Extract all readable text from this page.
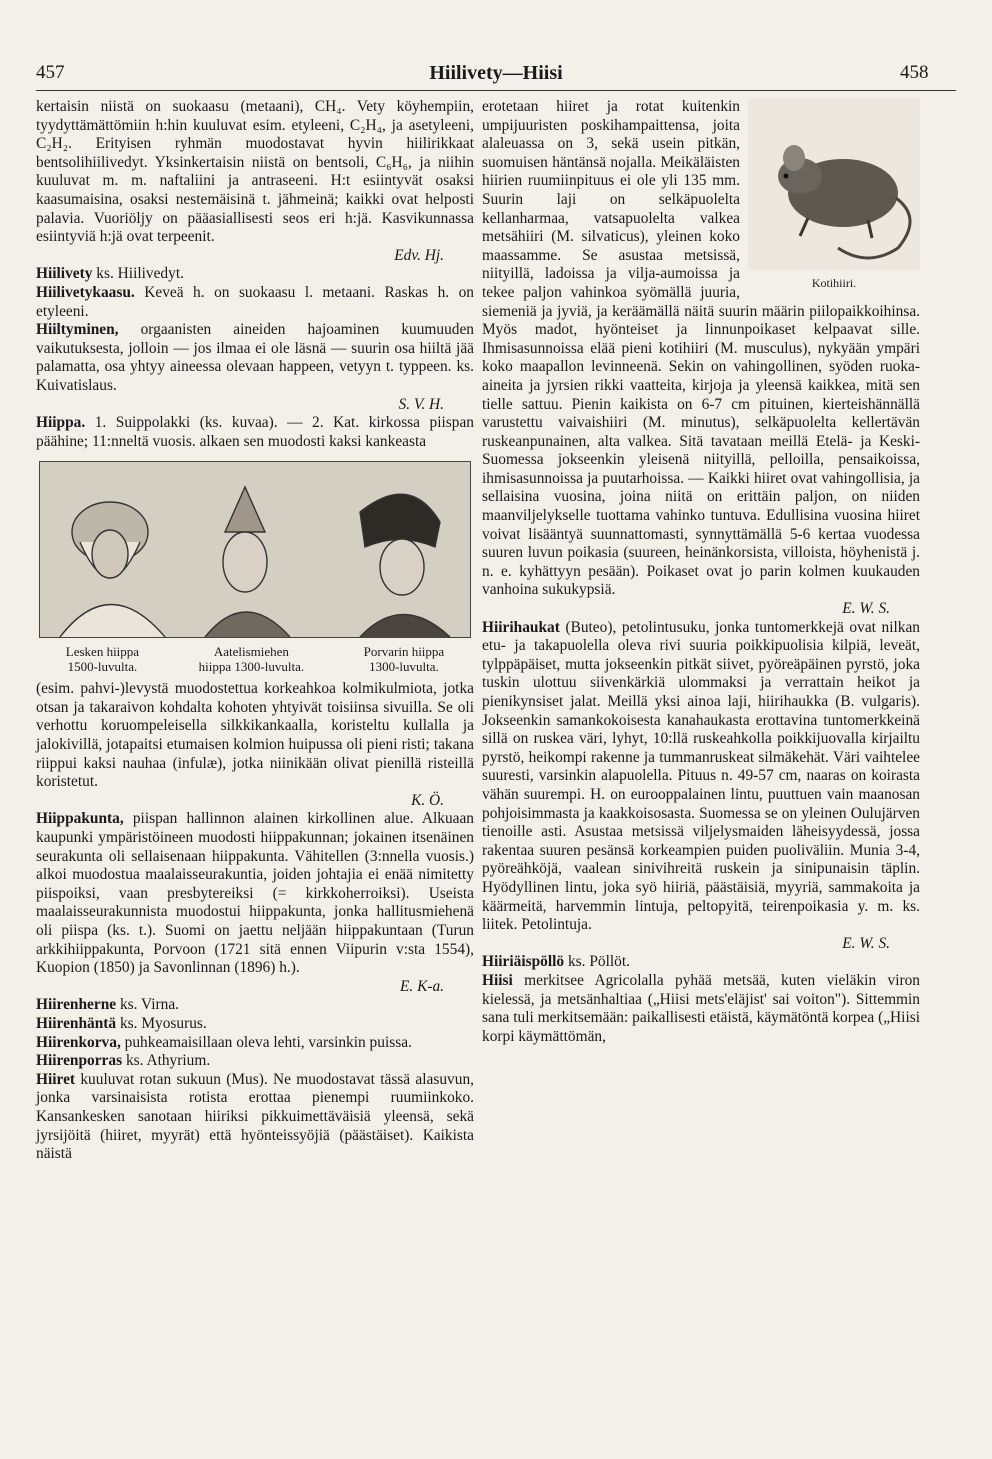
457	Hiilivety—Hiisi	458

kertaisin niistä on suokaasu (metaani), CH₄. Vety köyhempiin, tyydyttämättömiin h:hin kuuluvat esim. etyleeni, C₂H₄, ja asetyleeni, C₂H₂. Erityisen ryhmän muodostavat hyvin hiilirikkaat bentsolihiilivedyt. Yksinkertaisin niistä on bentsoli, C₆H₆, ja niihin kuuluvat m. m. naftaliini ja antraseeni. H:t esiintyvät osaksi kaasumaisina, osaksi nestemäisinä t. jähmeinä; kaikki ovat helposti palavia. Vuoriöljy on pääasiallisesti seos eri h:jä. Kasvikunnassa esiintyviä h:jä ovat terpeenit.

Edv. Hj.

Hiilivety ks. Hiilivedyt.

Hiilivetykaasu. Keveä h. on suokaasu l. metaani. Raskas h. on etyleeni.

Hiiltyminen, orgaanisten aineiden hajoaminen kuumuuden vaikutuksesta, jolloin — jos ilmaa ei ole läsnä — suurin osa hiiltä jää palamatta, osa yhtyy aineessa olevaan happeen, vetyyn t. typpeen. ks. Kuivatislaus.

S. V. H.

Hiippa. 1. Suippolakki (ks. kuvaa). — 2. Kat. kirkossa piispan päähine; 11:nneltä vuosis. alkaen sen muodosti kaksi kankeasta

Lesken hiippa
1500-luvulta.
Aatelismiehen
hiippa 1300-luvulta.
Porvarin hiippa
1300-luvulta.

(esim. pahvi-)levystä muodostettua korkeahkoa kolmikulmiota, jotka otsan ja takaraivon kohdalta kohoten yhtyivät toisiinsa sivuilla. Se oli verhottu koruompeleisella silkkikankaalla, koristeltu kullalla ja jalokivillä, jotapaitsi etumaisen kolmion huipussa oli pieni risti; takana riippui kaksi nauhaa (infulæ), jotka niinikään olivat pienillä risteillä koristetut.

K. Ö.

Hiippakunta, piispan hallinnon alainen kirkollinen alue. Alkuaan kaupunki ympäristöineen muodosti hiippakunnan; jokainen itsenäinen seurakunta oli sellaisenaan hiippakunta. Vähitellen (3:nnella vuosis.) alkoi muodostua maalaisseurakuntia, joiden johtajia ei enää nimitetty piispoiksi, vaan presbytereiksi (= kirkkoherroiksi). Useista maalaisseurakunnista muodostui hiippakunta, jonka hallitusmiehenä oli piispa (ks. t.). Suomi on jaettu neljään hiippakuntaan (Turun arkkihiippakunta, Porvoon (1721 sitä ennen Viipurin v:sta 1554), Kuopion (1850) ja Savonlinnan (1896) h.).

E. K-a.

Hiirenherne ks. Virna.

Hiirenhäntä ks. Myosurus.

Hiirenkorva, puhkeamaisillaan oleva lehti, varsinkin puissa.

Hiirenporras ks. Athyrium.

Hiiret kuuluvat rotan sukuun (Mus). Ne muodostavat tässä alasuvun, jonka varsinaisista rotista erottaa pienempi ruumiinkoko. Kansankesken sanotaan hiiriksi pikkuimettäväisiä yleensä, sekä jyrsijöitä (hiiret, myyrät) että hyönteissyöjiä (päästäiset). Kaikista näistä

Kotihiiri.

erotetaan hiiret ja rotat kuitenkin umpijuuristen poskihampaittensa, joita alaleuassa on 3, sekä usein pitkän, suomuisen häntänsä nojalla. Meikäläisten hiirien ruumiinpituus ei ole yli 135 mm. Suurin laji on selkäpuolelta kellanharmaa, vatsapuolelta valkea metsähiiri (M. silvaticus), yleinen koko maassamme. Se asustaa metsissä, niityillä, ladoissa ja vilja-aumoissa ja tekee paljon vahinkoa syömällä juuria, siemeniä ja jyviä, ja keräämällä näitä suurin määrin piilopaikkoihinsa. Myös madot, hyönteiset ja linnunpoikaset kelpaavat sille. Ihmisasunnoissa elää pieni kotihiiri (M. musculus), nykyään ympäri koko maapallon levinneenä. Sekin on vahingollinen, syöden ruoka-aineita ja jyrsien rikki vaatteita, kirjoja ja yleensä kaikkea, mitä sen tielle sattuu. Pienin kaikista on 6-7 cm pituinen, kierteishännällä varustettu vaivaishiiri (M. minutus), selkäpuolelta kellertävän ruskeanpunainen, alta valkea. Sitä tavataan meillä Etelä- ja Keski-Suomessa jokseenkin yleisenä niityillä, pelloilla, pensaikoissa, ihmisasunnoissa ja puutarhoissa. — Kaikki hiiret ovat vahingollisia, ja sellaisina vuosina, joina niitä on erittäin paljon, on niiden maanviljelykselle tuottama vahinko tuntuva. Edullisina vuosina hiiret voivat lisääntyä suunnattomasti, synnyttämällä 5-6 kertaa vuodessa suuren luvun poikasia (suureen, heinänkorsista, villoista, höyhenistä j. n. e. kyhättyyn pesään). Poikaset ovat jo parin kolmen kuukauden vanhoina sukukypsiä.

E. W. S.

Hiirihaukat (Buteo), petolintusuku, jonka tuntomerkkejä ovat nilkan etu- ja takapuolella oleva rivi suuria poikkipuolisia kilpiä, leveät, tylppäpäiset, mutta jokseenkin pitkät siivet, pyöreäpäinen pyrstö, joka tuskin ulottuu siivenkärkiä ulommaksi ja verrattain heikot ja pienikynsiset jalat. Meillä yksi ainoa laji, hiirihaukka (B. vulgaris). Jokseenkin samankokoisesta kanahaukasta erottavina tuntomerkkeinä sillä on ruskea väri, lyhyt, 10:llä ruskeahkolla poikkijuovalla kirjailtu pyrstö, heikompi rakenne ja tummanruskeat silmäkehät. Väri vaihtelee suuresti, varsinkin alapuolella. Pituus n. 49-57 cm, naaras on koirasta vähän suurempi. H. on eurooppalainen lintu, puuttuen vain maanosan pohjoisimmasta ja kaakkoisosasta. Suomessa se on yleinen Oulujärven tienoille asti. Asustaa metsissä viljelysmaiden läheisyydessä, jossa rakentaa suuren pesänsä korkeampien puiden puoliväliin. Munia 3-4, pyöreähköjä, vaalean sinivihreitä ruskein ja sinipunaisin täplin. Hyödyllinen lintu, joka syö hiiriä, päästäisiä, myyriä, sammakoita ja käärmeitä, harvemmin lintuja, peltopyitä, teirenpoikasia y. m. ks. liitek. Petolintuja.

E. W. S.

Hiiriäispöllö ks. Pöllöt.

Hiisi merkitsee Agricolalla pyhää metsää, kuten vieläkin viron kielessä, ja metsänhaltiaa („Hiisi mets'eläjist' sai voiton"). Sittemmin sana tuli merkitsemään: paikallisesti etäistä, käymätöntä korpea („Hiisi korpi käymättömän,
